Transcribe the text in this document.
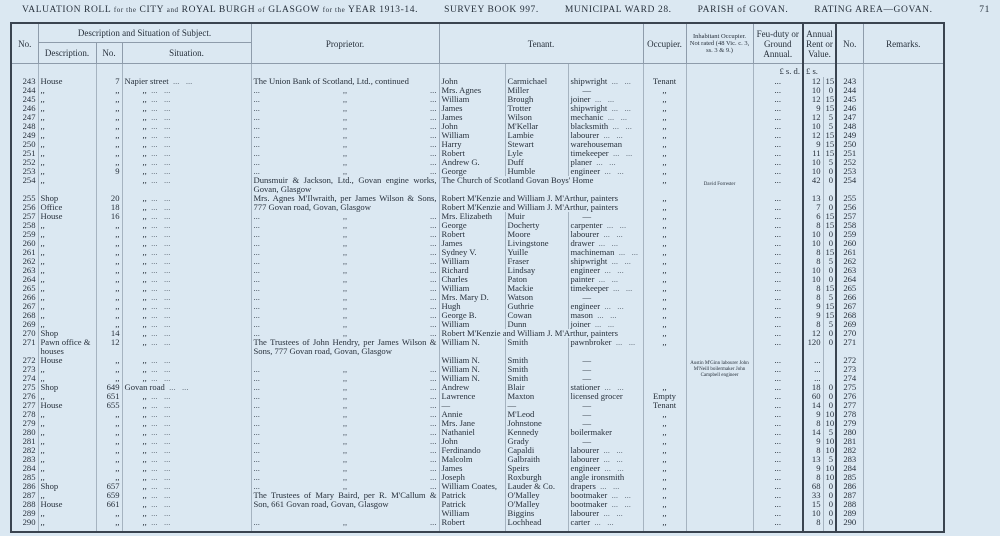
VALUATION ROLL for the CITY and ROYAL BURGH of GLASGOW for the YEAR 1913-14.	SURVEY BOOK 997.	MUNICIPAL WARD 28.	PARISH of GOVAN.	RATING AREA—GOVAN.	71
No.	Description and Situation of Subject.			Proprietor.	Tenant.			Occupier.	Inhabitant Occupier. Not rated (48 Vic. c. 3, ss. 3 & 9.)	Feu-duty or Ground Annual.	Annual Rent or Value.		No.	Remarks.
	Description.	No.	Situation.											
										£ s. d.	£ s.			
243	House	7	Napier street ...	The Union Bank of Scotland, Ltd., continued	John	Carmichael	shipwright ...	Tenant		...	12	15	243	
244	,,	,,	,, ...	... ,, ...	Mrs. Agnes	Miller	—	,,		...	10	0	244	
245	,,	,,	,, ...	... ,, ...	William	Brough	joiner ...	,,		...	12	15	245	
246	,,	,,	,, ...	... ,, ...	James	Trotter	shipwright ...	,,		...	9	15	246	
247	,,	,,	,, ...	... ,, ...	James	Wilson	mechanic ...	,,		...	12	5	247	
248	,,	,,	,, ...	... ,, ...	John	M'Kellar	blacksmith ...	,,		...	10	5	248	
249	,,	,,	,, ...	... ,, ...	William	Lambie	labourer ...	,,		...	12	15	249	
250	,,	,,	,, ...	... ,, ...	Harry	Stewart	warehouseman	,,		...	9	15	250	
251	,,	,,	,, ...	... ,, ...	Robert	Lyle	timekeeper ...	,,		...	11	15	251	
252	,,	,,	,, ...	... ,, ...	Andrew G.	Duff	planer ...	,,		...	10	5	252	
253	,,	9	,, ...	... ,, ...	George	Humble	engineer ...	,,		...	10	0	253	
254	,,		,, ...	Dunsmuir & Jackson, Ltd., Govan engine works, Govan, Glasgow	The Church of Scotland Govan Boys' Home			,,	David Forrester	...	42	0	254	
255	Shop	20	,, ...	Mrs. Agnes M'Ilwraith, per James Wilson & Sons, 777 Govan road, Govan, Glasgow	Robert M'Kenzie and William J. M'Arthur, painters			,,		...	13	0	255	
256	Office	18	,, ...		Robert M'Kenzie and William J. M'Arthur, painters			,,		...	7	0	256	
257	House	16	,, ...	... ,, ...	Mrs. Elizabeth	Muir	—	,,		...	6	15	257	
258	,,	,,	,, ...	... ,, ...	George	Docherty	carpenter ...	,,		...	8	15	258	
259	,,	,,	,, ...	... ,, ...	Robert	Moore	labourer ...	,,		...	10	0	259	
260	,,	,,	,, ...	... ,, ...	James	Livingstone	drawer ...	,,		...	10	0	260	
261	,,	,,	,, ...	... ,, ...	Sydney V.	Yuille	machineman ...	,,		...	8	15	261	
262	,,	,,	,, ...	... ,, ...	William	Fraser	shipwright ...	,,		...	8	5	262	
263	,,	,,	,, ...	... ,, ...	Richard	Lindsay	engineer ...	,,		...	10	0	263	
264	,,	,,	,, ...	... ,, ...	Charles	Paton	painter ...	,,		...	10	0	264	
265	,,	,,	,, ...	... ,, ...	William	Mackie	timekeeper ...	,,		...	8	15	265	
266	,,	,,	,, ...	... ,, ...	Mrs. Mary D.	Watson	—	,,		...	8	5	266	
267	,,	,,	,, ...	... ,, ...	Hugh	Guthrie	engineer ...	,,		...	9	15	267	
268	,,	,,	,, ...	... ,, ...	George B.	Cowan	mason ...	,,		...	9	15	268	
269	,,	,,	,, ...	... ,, ...	William	Dunn	joiner ...	,,		...	8	5	269	
270	Shop	14	,, ...	... ,, ...	Robert M'Kenzie and William J. M'Arthur, painters			,,		...	12	0	270	
271	Pawn office & houses	12	,, ...	The Trustees of John Hendry, per James Wilson & Sons, 777 Govan road, Govan, Glasgow	William N.	Smith	pawnbroker ...	,,		...	120	0	271	
272	House	,,	,, ...		William N.	Smith	—		Austin M'Ginn labourer John M'Neill boilermaker John Campbell engineer	...	...		272	
273	,,	,,	,, ...	... ,, ...	William N.	Smith	—			...	...		273	
274	,,	,,	,, ...	... ,, ...	William N.	Smith	—			...	...		274	
275	Shop	649	Govan road ...	... ,, ...	Andrew	Blair	stationer ...	,,		...	18	0	275	
276	,,	651	,, ...	... ,, ...	Lawrence	Maxton	licensed grocer	Empty		...	60	0	276	
277	House	655	,, ...	... ,, ...	—	—	—	Tenant		...	14	0	277	
278	,,	,,	,, ...	... ,, ...	Annie	M'Leod	—	,,		...	9	10	278	
279	,,	,,	,, ...	... ,, ...	Mrs. Jane	Johnstone	—	,,		...	8	10	279	
280	,,	,,	,, ...	... ,, ...	Nathaniel	Kennedy	boilermaker	,,		...	14	5	280	
281	,,	,,	,, ...	... ,, ...	John	Grady	—	,,		...	9	10	281	
282	,,	,,	,, ...	... ,, ...	Ferdinando	Capaldi	labourer ...	,,		...	8	10	282	
283	,,	,,	,, ...	... ,, ...	Malcolm	Galbraith	labourer ...	,,		...	13	5	283	
284	,,	,,	,, ...	... ,, ...	James	Speirs	engineer ...	,,		...	9	10	284	
285	,,	,,	,, ...	... ,, ...	Joseph	Roxburgh	angle ironsmith	,,		...	8	10	285	
286	Shop	657	,, ...	... ,, ...	William Coates,	Lauder & Co.	drapers ...	,,		...	68	0	286	
287	,,	659	,, ...	The Trustees of Mary Baird, per R. M'Callum & Son, 661 Govan road, Govan, Glasgow	Patrick	O'Malley	bootmaker ...	,,		...	33	0	287	
288	House	661	,, ...		Patrick	O'Malley	bootmaker ...	,,		...	15	0	288	
289	,,	,,	,, ...		William	Biggins	labourer ...	,,		...	10	0	289	
290	,,	,,	,, ...	... ,, ...	Robert	Lochhead	carter ...	,,		...	8	0	290	
